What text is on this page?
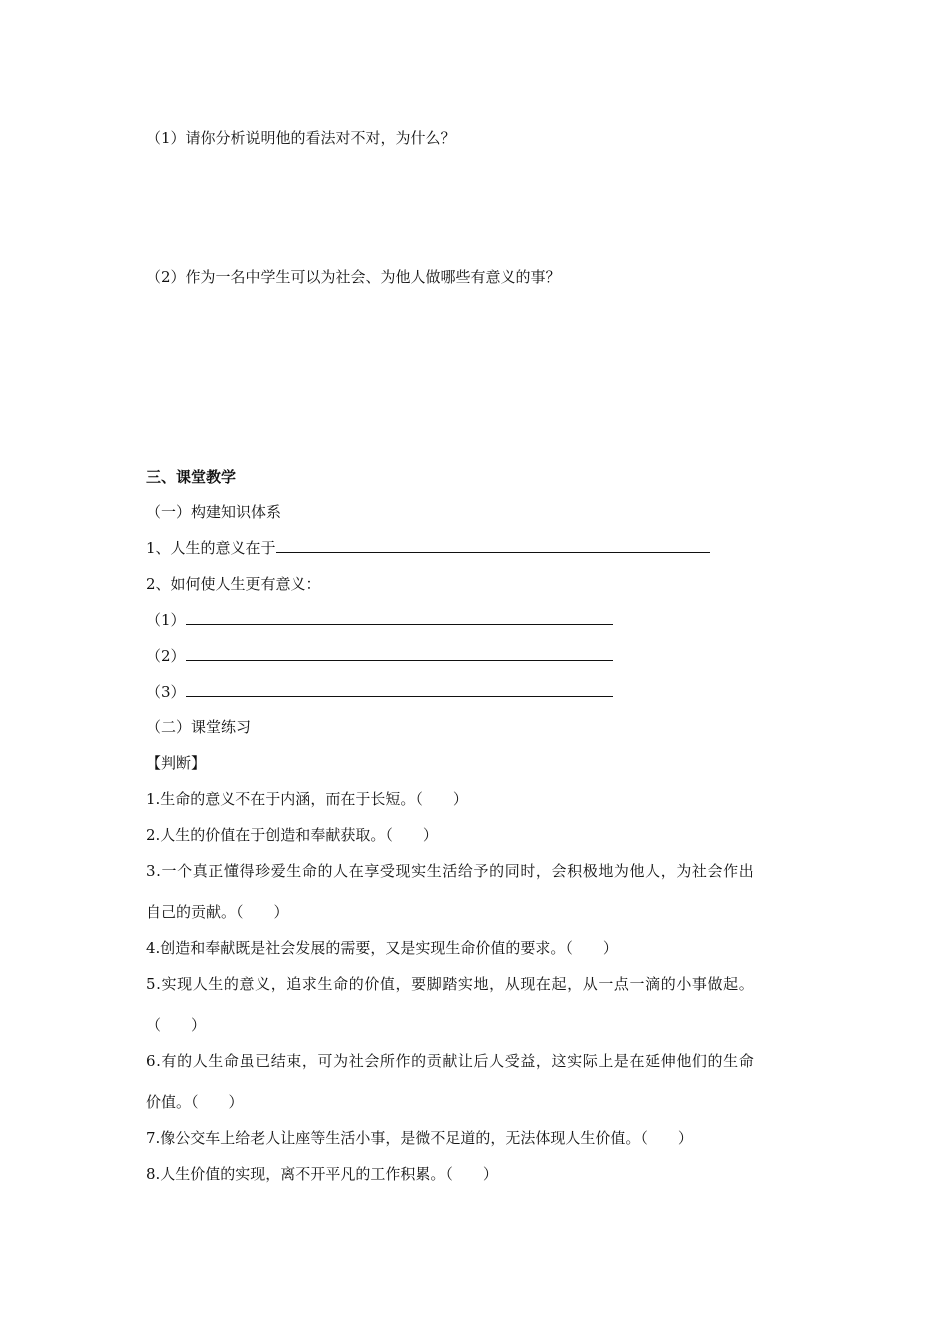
（1）请你分析说明他的看法对不对，为什么？
（2）作为一名中学生可以为社会、为他人做哪些有意义的事？
三、课堂教学
（一）构建知识体系
1、人生的意义在于
2、如何使人生更有意义：
（1）
（2）
（3）
（二）课堂练习
【判断】
1.生命的意义不在于内涵，而在于长短。（　　）
2.人生的价值在于创造和奉献获取。（　　）
3.一个真正懂得珍爱生命的人在享受现实生活给予的同时，会积极地为他人，为社会作出
自己的贡献。（　　）
4.创造和奉献既是社会发展的需要，又是实现生命价值的要求。（　　）
5.实现人生的意义，追求生命的价值，要脚踏实地，从现在起，从一点一滴的小事做起。
（　　）
6.有的人生命虽已结束，可为社会所作的贡献让后人受益，这实际上是在延伸他们的生命
价值。（　　）
7.像公交车上给老人让座等生活小事，是微不足道的，无法体现人生价值。（　　）
8.人生价值的实现，离不开平凡的工作积累。（　　）
